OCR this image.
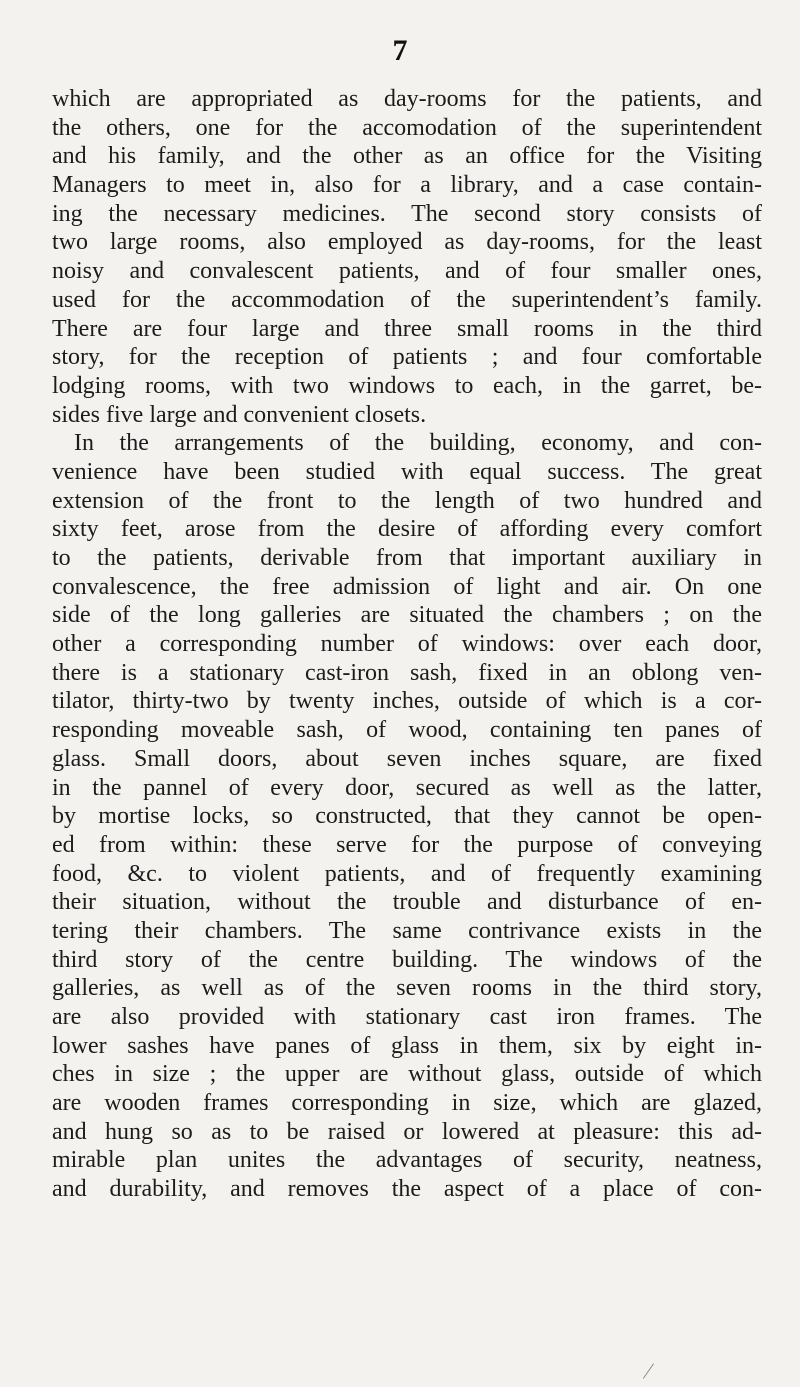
7
which are appropriated as day-rooms for the patients, and
the others, one for the accomodation of the superintendent
and his family, and the other as an office for the Visiting
Managers to meet in, also for a library, and a case contain-
ing the necessary medicines. The second story consists of
two large rooms, also employed as day-rooms, for the least
noisy and convalescent patients, and of four smaller ones,
used for the accommodation of the superintendent’s family.
There are four large and three small rooms in the third
story, for the reception of patients ; and four comfortable
lodging rooms, with two windows to each, in the garret, be-
sides five large and convenient closets.
In the arrangements of the building, economy, and con-
venience have been studied with equal success. The great
extension of the front to the length of two hundred and
sixty feet, arose from the desire of affording every comfort
to the patients, derivable from that important auxiliary in
convalescence, the free admission of light and air. On one
side of the long galleries are situated the chambers ; on the
other a corresponding number of windows: over each door,
there is a stationary cast-iron sash, fixed in an oblong ven-
tilator, thirty-two by twenty inches, outside of which is a cor-
responding moveable sash, of wood, containing ten panes of
glass. Small doors, about seven inches square, are fixed
in the pannel of every door, secured as well as the latter,
by mortise locks, so constructed, that they cannot be open-
ed from within: these serve for the purpose of conveying
food, &c. to violent patients, and of frequently examining
their situation, without the trouble and disturbance of en-
tering their chambers. The same contrivance exists in the
third story of the centre building. The windows of the
galleries, as well as of the seven rooms in the third story,
are also provided with stationary cast iron frames. The
lower sashes have panes of glass in them, six by eight in-
ches in size ; the upper are without glass, outside of which
are wooden frames corresponding in size, which are glazed,
and hung so as to be raised or lowered at pleasure: this ad-
mirable plan unites the advantages of security, neatness,
and durability, and removes the aspect of a place of con-
